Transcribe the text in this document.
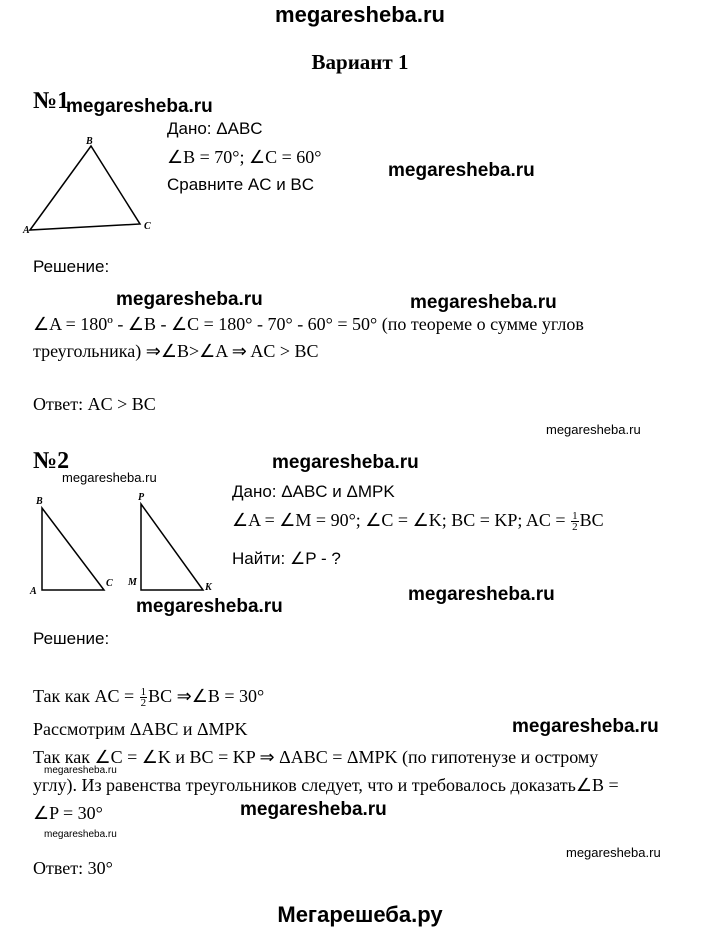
megaresheba.ru
Вариант 1
№1
megaresheba.ru
B
A	C
Дано: ΔABC
∠B = 70°; ∠C = 60°
Сравните AC и BC
megaresheba.ru
Решение:
megaresheba.ru	megaresheba.ru
∠A = 180º - ∠B - ∠C = 180° - 70° - 60° = 50° (по теореме о сумме углов
треугольника) ⇒∠B>∠A ⇒ AC > BC
Ответ: AC > BC
megaresheba.ru
№2	megaresheba.ru
megaresheba.ru
B
A
C
P
M	K
Дано: ΔABC и ΔMPK
∠A = ∠M = 90°; ∠C = ∠K; BC = KP; AC = $\frac{1}{2}$ BC
Найти: ∠P - ?
megaresheba.ru
megaresheba.ru
Решение:
Так как AC = $\frac{1}{2}$ BC ⇒∠B = 30°
Рассмотрим ΔABC и ΔMPK	megaresheba.ru
Так как ∠C = ∠K и BC = KP ⇒ ΔABC = ΔMPK (по гипотенузе и острому
megaresheba.ru
углу). Из равенства треугольников следует, что и требовалось доказать∠B =
∠P = 30°	megaresheba.ru
megaresheba.ru
megaresheba.ru
Ответ: 30°
Мегарешеба.ру
